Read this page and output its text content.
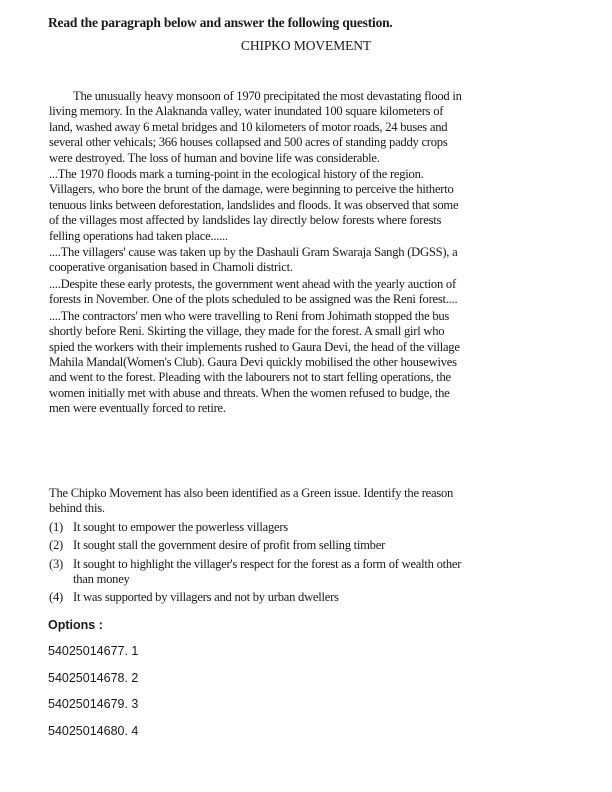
Read the paragraph below and answer the following question.
CHIPKO MOVEMENT

The unusually heavy monsoon of 1970 precipitated the most devastating flood in living memory. In the Alaknanda valley, water inundated 100 square kilometers of land, washed away 6 metal bridges and 10 kilometers of motor roads, 24 buses and several other vehicals; 366 houses collapsed and 500 acres of standing paddy crops were destroyed. The loss of human and bovine life was considerable.

...The 1970 floods mark a turning-point in the ecological history of the region. Villagers, who bore the brunt of the damage, were beginning to perceive the hitherto tenuous links between deforestation, landslides and floods. It was observed that some of the villages most affected by landslides lay directly below forests where forests felling operations had taken place......

....The villagers' cause was taken up by the Dashauli Gram Swaraja Sangh (DGSS), a cooperative organisation based in Chamoli district.

....Despite these early protests, the government went ahead with the yearly auction of forests in November. One of the plots scheduled to be assigned was the Reni forest....

....The contractors' men who were travelling to Reni from Johimath stopped the bus shortly before Reni. Skirting the village, they made for the forest. A small girl who spied the workers with their implements rushed to Gaura Devi, the head of the village Mahila Mandal(Women's Club). Gaura Devi quickly mobilised the other housewives and went to the forest. Pleading with the labourers not to start felling operations, the women initially met with abuse and threats. When the women refused to budge, the men were eventually forced to retire.

The Chipko Movement has also been identified as a Green issue. Identify the reason behind this.

(1) It sought to empower the powerless villagers
(2) It sought stall the government desire of profit from selling timber
(3) It sought to highlight the villager's respect for the forest as a form of wealth other than money
(4) It was supported by villagers and not by urban dwellers
Options :
54025014677. 1
54025014678. 2
54025014679. 3
54025014680. 4
